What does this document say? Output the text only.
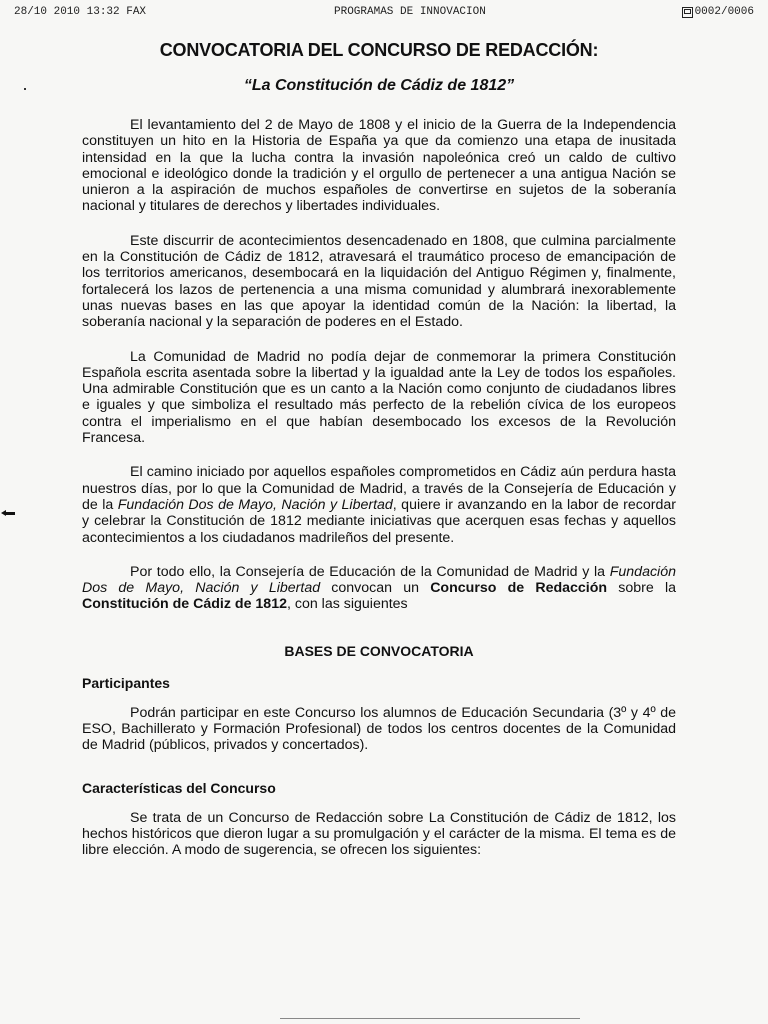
28/10 2010 13:32 FAX	PROGRAMAS DE INNOVACION	0002/0006
CONVOCATORIA DEL CONCURSO DE REDACCIÓN:
“La Constitución de Cádiz de 1812”

El levantamiento del 2 de Mayo de 1808 y el inicio de la Guerra de la Independencia constituyen un hito en la Historia de España ya que da comienzo una etapa de inusitada intensidad en la que la lucha contra la invasión napoleónica creó un caldo de cultivo emocional e ideológico donde la tradición y el orgullo de pertenecer a una antigua Nación se unieron a la aspiración de muchos españoles de convertirse en sujetos de la soberanía nacional y titulares de derechos y libertades individuales.

Este discurrir de acontecimientos desencadenado en 1808, que culmina parcialmente en la Constitución de Cádiz de 1812, atravesará el traumático proceso de emancipación de los territorios americanos, desembocará en la liquidación del Antiguo Régimen y, finalmente, fortalecerá los lazos de pertenencia a una misma comunidad y alumbrará inexorablemente unas nuevas bases en las que apoyar la identidad común de la Nación: la libertad, la soberanía nacional y la separación de poderes en el Estado.

La Comunidad de Madrid no podía dejar de conmemorar la primera Constitución Española escrita asentada sobre la libertad y la igualdad ante la Ley de todos los españoles. Una admirable Constitución que es un canto a la Nación como conjunto de ciudadanos libres e iguales y que simboliza el resultado más perfecto de la rebelión cívica de los europeos contra el imperialismo en el que habían desembocado los excesos de la Revolución Francesa.

El camino iniciado por aquellos españoles comprometidos en Cádiz aún perdura hasta nuestros días, por lo que la Comunidad de Madrid, a través de la Consejería de Educación y de la Fundación Dos de Mayo, Nación y Libertad, quiere ir avanzando en la labor de recordar y celebrar la Constitución de 1812 mediante iniciativas que acerquen esas fechas y aquellos acontecimientos a los ciudadanos madrileños del presente.

Por todo ello, la Consejería de Educación de la Comunidad de Madrid y la Fundación Dos de Mayo, Nación y Libertad convocan un Concurso de Redacción sobre la Constitución de Cádiz de 1812, con las siguientes

BASES DE CONVOCATORIA
Participantes

Podrán participar en este Concurso los alumnos de Educación Secundaria (3º y 4º de ESO, Bachillerato y Formación Profesional) de todos los centros docentes de la Comunidad de Madrid (públicos, privados y concertados).

Características del Concurso

Se trata de un Concurso de Redacción sobre La Constitución de Cádiz de 1812, los hechos históricos que dieron lugar a su promulgación y el carácter de la misma. El tema es de libre elección. A modo de sugerencia, se ofrecen los siguientes:
